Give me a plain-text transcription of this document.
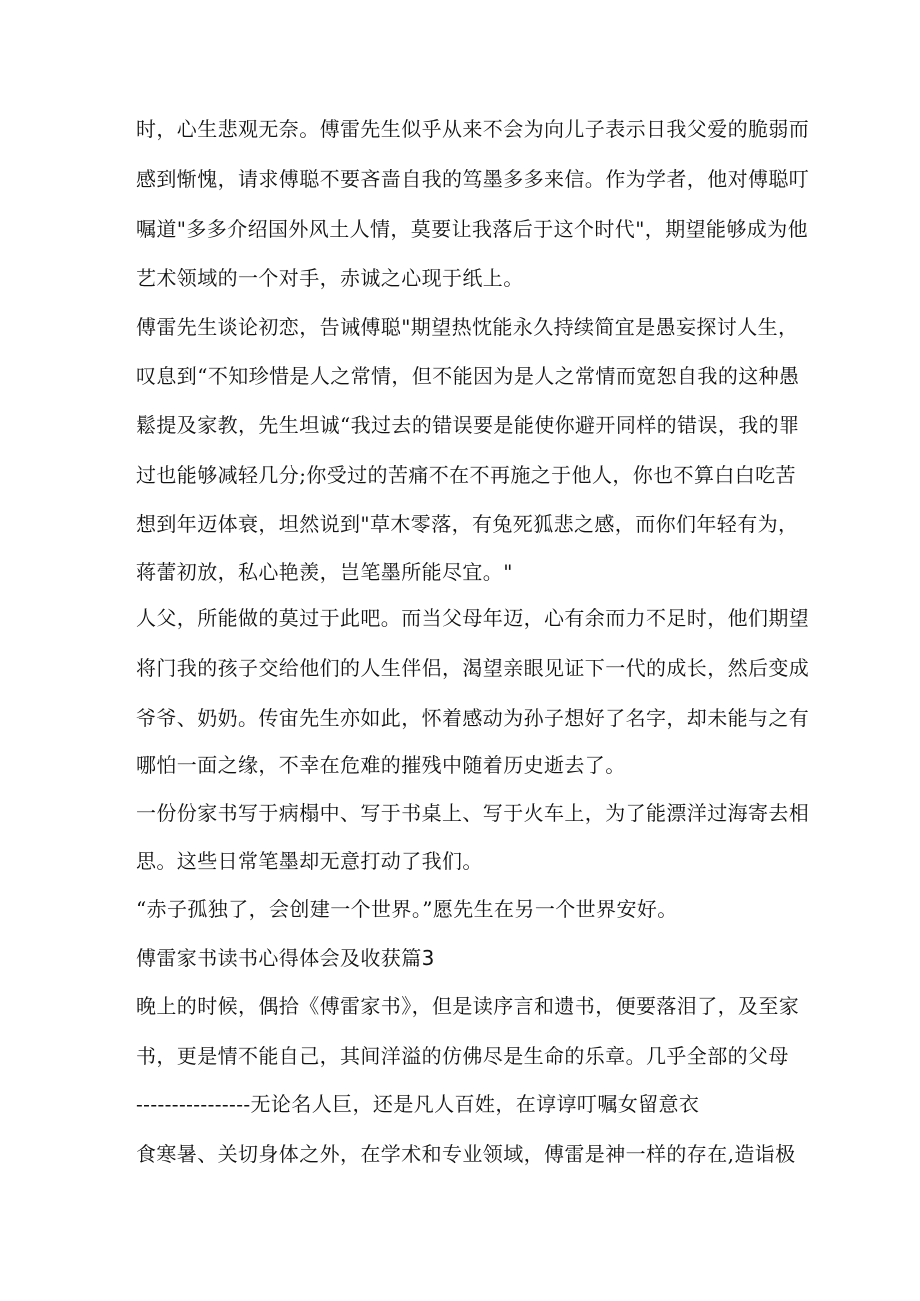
时，心生悲观无奈。傅雷先生似乎从来不会为向儿子表示日我父爱的脆弱而
感到惭愧，请求傅聪不要吝啬自我的笃墨多多来信。作为学者，他对傅聪叮
嘱道"多多介绍国外风土人情，莫要让我落后于这个时代"，期望能够成为他
艺术领域的一个对手，赤诚之心现于纸上。
傅雷先生谈论初恋，告诫傅聪"期望热忱能永久持续简宜是愚妄探讨人生，
叹息到“不知珍惜是人之常情，但不能因为是人之常情而宽恕自我的这种愚
鬆提及家教，先生坦诚“我过去的错误要是能使你避开同样的错误，我的罪
过也能够减轻几分;你受过的苦痛不在不再施之于他人，你也不算白白吃苦
想到年迈体衰，坦然说到"草木零落，有兔死狐悲之感，而你们年轻有为，
蒋蕾初放，私心艳羡，岂笔墨所能尽宜。"
人父，所能做的莫过于此吧。而当父母年迈，心有余而力不足时，他们期望
将门我的孩子交给他们的人生伴侣，渴望亲眼见证下一代的成长，然后变成
爷爷、奶奶。传宙先生亦如此，怀着感动为孙子想好了名字，却未能与之有
哪怕一面之缘，不幸在危难的摧残中随着历史逝去了。
一份份家书写于病榻中、写于书桌上、写于火车上，为了能漂洋过海寄去相
思。这些日常笔墨却无意打动了我们。
“赤子孤独了，会创建一个世界。”愿先生在另一个世界安好。
傅雷家书读书心得体会及收获篇3
晚上的时候，偶拾《傅雷家书》，但是读序言和遗书，便要落泪了，及至家
书，更是情不能自己，其间洋溢的仿佛尽是生命的乐章。几乎全部的父母
----------------无论名人巨，还是凡人百姓，在谆谆叮嘱女留意衣
食寒暑、关切身体之外，在学术和专业领域，傅雷是神一样的存在,造诣极
